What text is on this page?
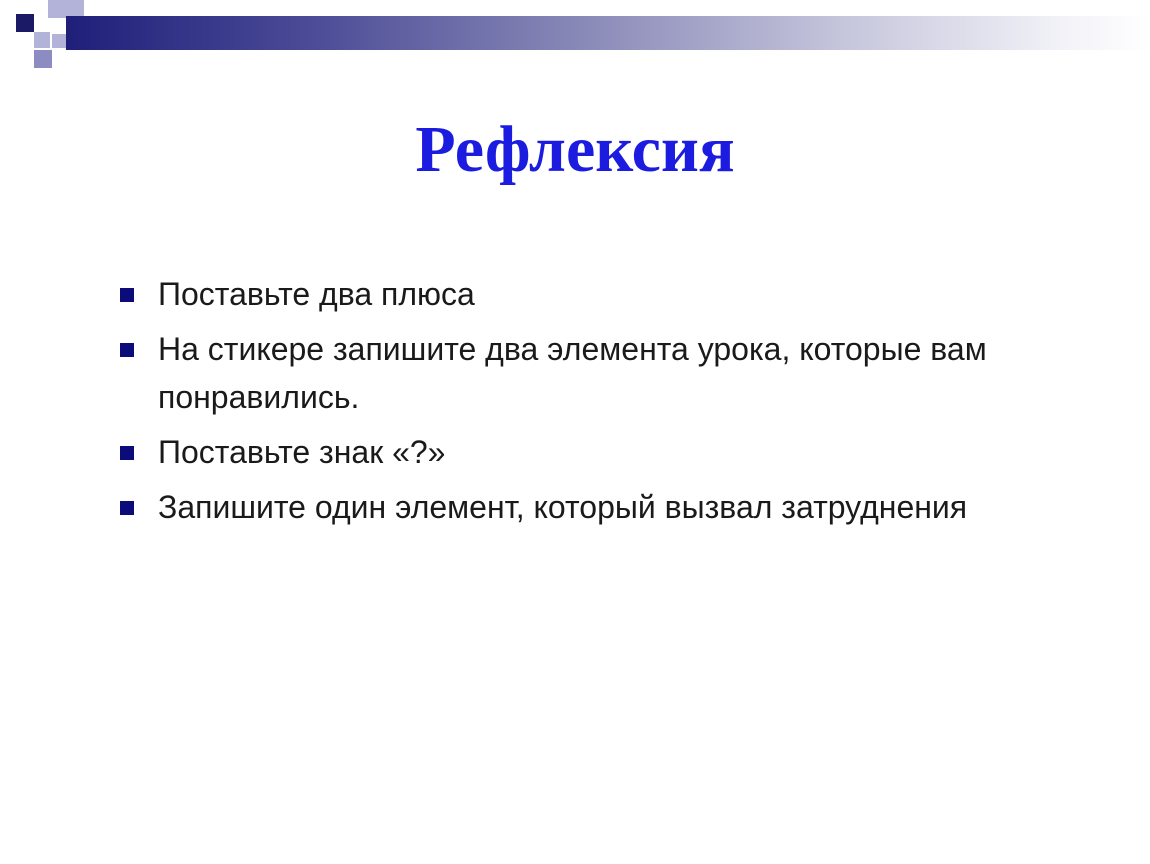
Рефлексия
Поставьте два плюса
На стикере запишите два элемента урока, которые вам понравились.
Поставьте знак «?»
Запишите один элемент, который вызвал затруднения
